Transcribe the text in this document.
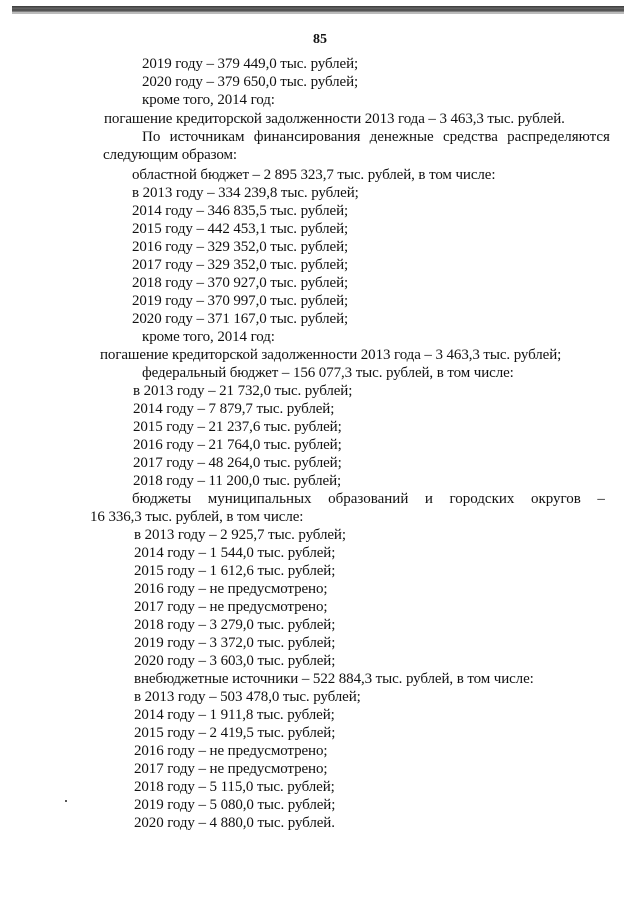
85
2019 году – 379 449,0 тыс. рублей;
2020 году – 379 650,0 тыс. рублей;
кроме того, 2014 год:
погашение кредиторской задолженности 2013 года – 3 463,3 тыс. рублей.
По источникам финансирования денежные средства распределяются
следующим образом:
областной бюджет – 2 895 323,7 тыс. рублей, в том числе:
в 2013 году – 334 239,8 тыс. рублей;
2014 году – 346 835,5 тыс. рублей;
2015 году – 442 453,1 тыс. рублей;
2016 году – 329 352,0 тыс. рублей;
2017 году – 329 352,0 тыс. рублей;
2018 году – 370 927,0 тыс. рублей;
2019 году – 370 997,0 тыс. рублей;
2020 году – 371 167,0 тыс. рублей;
кроме того, 2014 год:
погашение кредиторской задолженности 2013 года – 3 463,3 тыс. рублей;
федеральный бюджет – 156 077,3 тыс. рублей, в том числе:
в 2013 году – 21 732,0 тыс. рублей;
2014 году – 7 879,7 тыс. рублей;
2015 году – 21 237,6 тыс. рублей;
2016 году – 21 764,0 тыс. рублей;
2017 году – 48 264,0 тыс. рублей;
2018 году – 11 200,0 тыс. рублей;
бюджеты муниципальных образований и городских округов –
16 336,3 тыс. рублей, в том числе:
в 2013 году – 2 925,7 тыс. рублей;
2014 году – 1 544,0 тыс. рублей;
2015 году – 1 612,6 тыс. рублей;
2016 году – не предусмотрено;
2017 году – не предусмотрено;
2018 году – 3 279,0 тыс. рублей;
2019 году – 3 372,0 тыс. рублей;
2020 году – 3 603,0 тыс. рублей;
внебюджетные источники – 522 884,3 тыс. рублей, в том числе:
в 2013 году – 503 478,0 тыс. рублей;
2014 году – 1 911,8 тыс. рублей;
2015 году – 2 419,5 тыс. рублей;
2016 году – не предусмотрено;
2017 году – не предусмотрено;
2018 году – 5 115,0 тыс. рублей;
2019 году – 5 080,0 тыс. рублей;
2020 году – 4 880,0 тыс. рублей.
